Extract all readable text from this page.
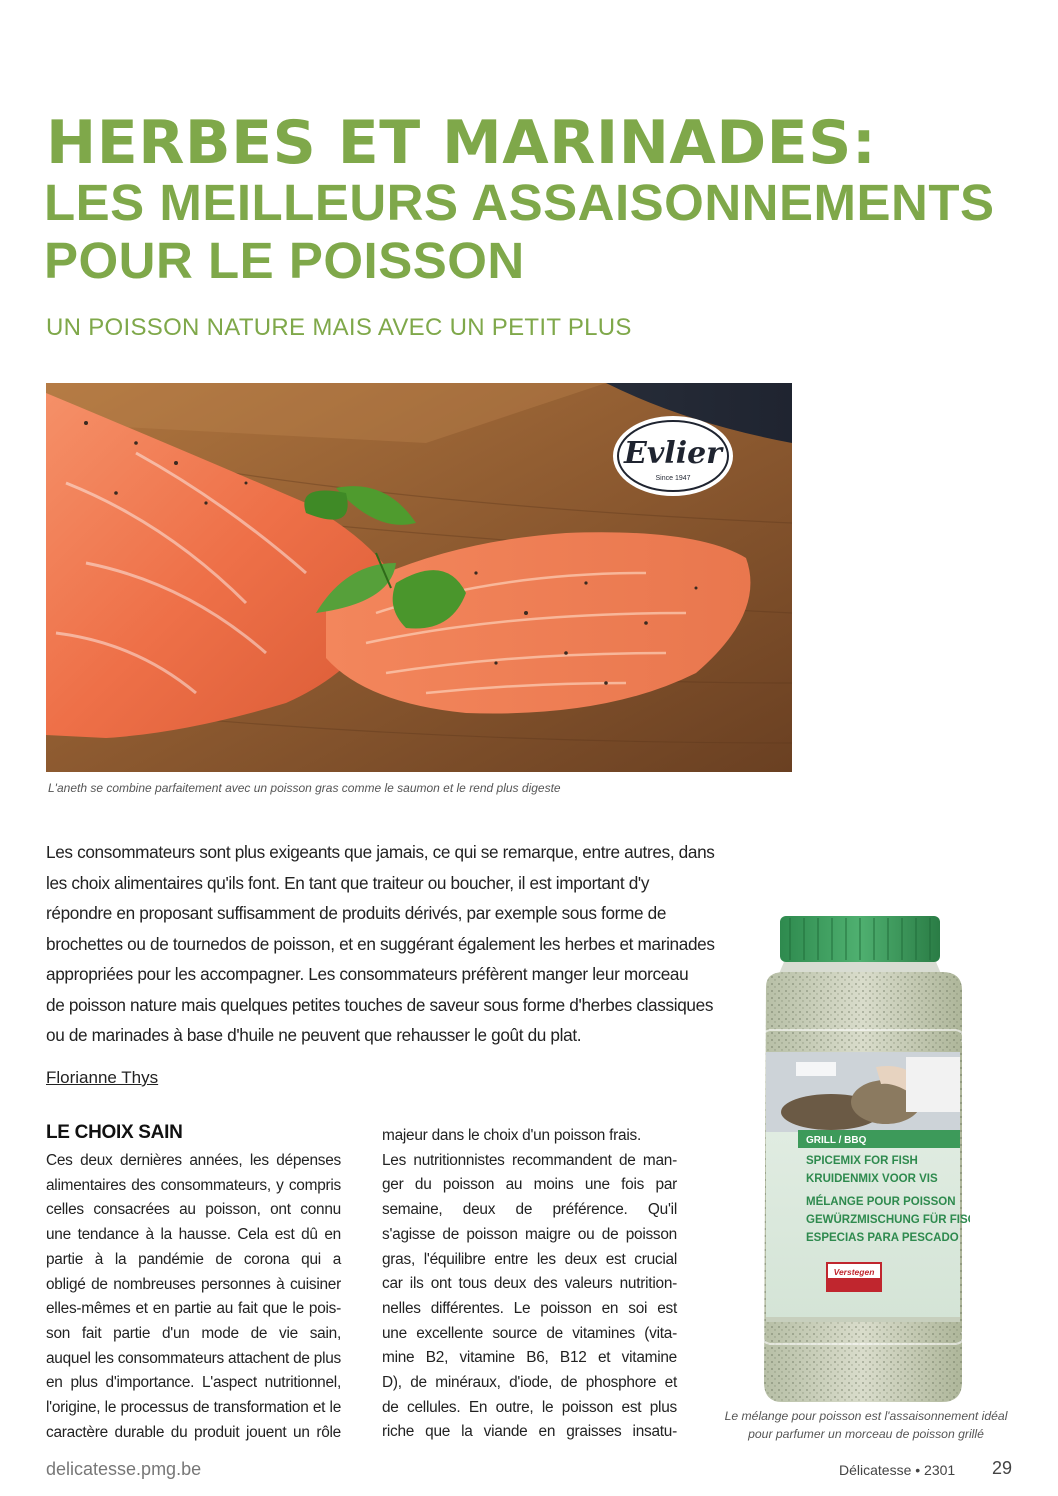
HERBES ET MARINADES:
LES MEILLEURS ASSAISONNEMENTS
POUR LE POISSON
UN POISSON NATURE MAIS AVEC UN PETIT PLUS
Evlier
Since 1947
L'aneth se combine parfaitement avec un poisson gras comme le saumon et le rend plus digeste
Les consommateurs sont plus exigeants que jamais, ce qui se remarque, entre autres, dans
les choix alimentaires qu'ils font. En tant que traiteur ou boucher, il est important d'y
répondre en proposant suffisamment de produits dérivés, par exemple sous forme de
brochettes ou de tournedos de poisson, et en suggérant également les herbes et marinades
appropriées pour les accompagner. Les consommateurs préfèrent manger leur morceau
de poisson nature mais quelques petites touches de saveur sous forme d'herbes classiques
ou de marinades à base d'huile ne peuvent que rehausser le goût du plat.
Florianne Thys
LE CHOIX SAIN
Ces deux dernières années, les dépenses
alimentaires des consommateurs, y compris
celles consacrées au poisson, ont connu
une tendance à la hausse. Cela est dû en
partie à la pandémie de corona qui a
obligé de nombreuses personnes à cuisiner
elles-mêmes et en partie au fait que le pois-
son fait partie d'un mode de vie sain,
auquel les consommateurs attachent de plus
en plus d'importance. L'aspect nutritionnel,
l'origine, le processus de transformation et le
caractère durable du produit jouent un rôle
majeur dans le choix d'un poisson frais.
Les nutritionnistes recommandent de man-
ger du poisson au moins une fois par
semaine, deux de préférence. Qu'il
s'agisse de poisson maigre ou de poisson
gras, l'équilibre entre les deux est crucial
car ils ont tous deux des valeurs nutrition-
nelles différentes. Le poisson en soi est
une excellente source de vitamines (vita-
mine B2, vitamine B6, B12 et vitamine
D), de minéraux, d'iode, de phosphore et
de cellules. En outre, le poisson est plus
riche que la viande en graisses insatu-
GRILL / BBQ
SPICEMIX FOR FISH
KRUIDENMIX VOOR VIS
MÉLANGE POUR POISSON
GEWÜRZMISCHUNG FÜR FISCH
ESPECIAS PARA PESCADO
Verstegen
Le mélange pour poisson est l'assaisonnement idéal
pour parfumer un morceau de poisson grillé
delicatesse.pmg.be	Délicatesse • 2301 29
